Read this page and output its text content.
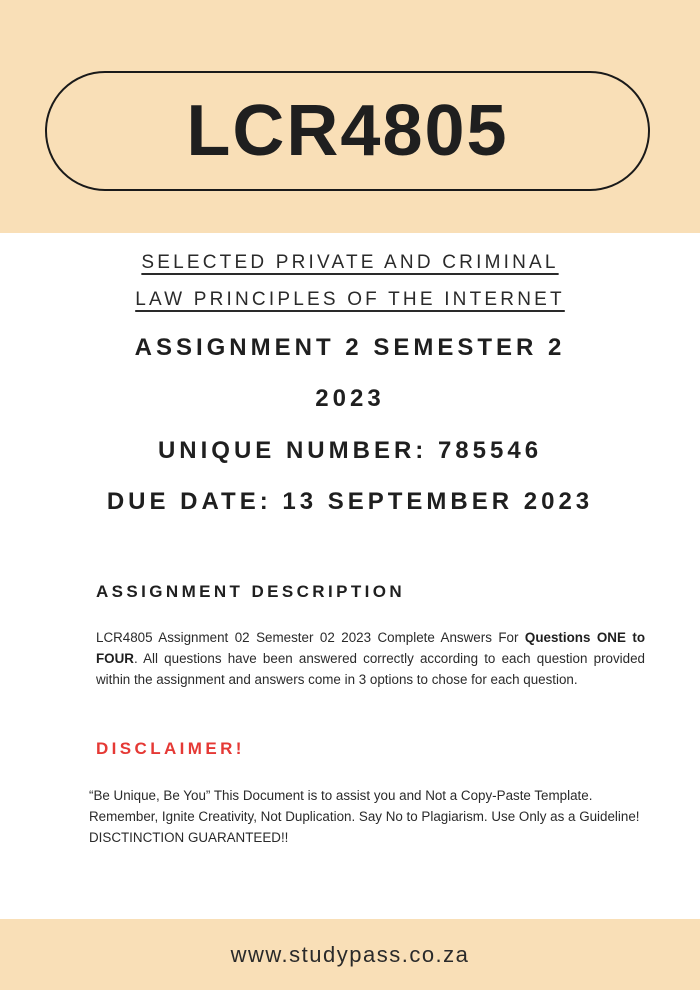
LCR4805
SELECTED PRIVATE AND CRIMINAL
LAW PRINCIPLES OF THE INTERNET
ASSIGNMENT 2 SEMESTER 2
2023
UNIQUE NUMBER: 785546
DUE DATE: 13 SEPTEMBER 2023
ASSIGNMENT DESCRIPTION

LCR4805 Assignment 02 Semester 02 2023 Complete Answers For Questions ONE to FOUR. All questions have been answered correctly according to each question provided within the assignment and answers come in 3 options to chose for each question.

DISCLAIMER!

“Be Unique, Be You” This Document is to assist you and Not a Copy-Paste Template. Remember, Ignite Creativity, Not Duplication. Say No to Plagiarism. Use Only as a Guideline! DISCTINCTION GUARANTEED!!

www.studypass.co.za
